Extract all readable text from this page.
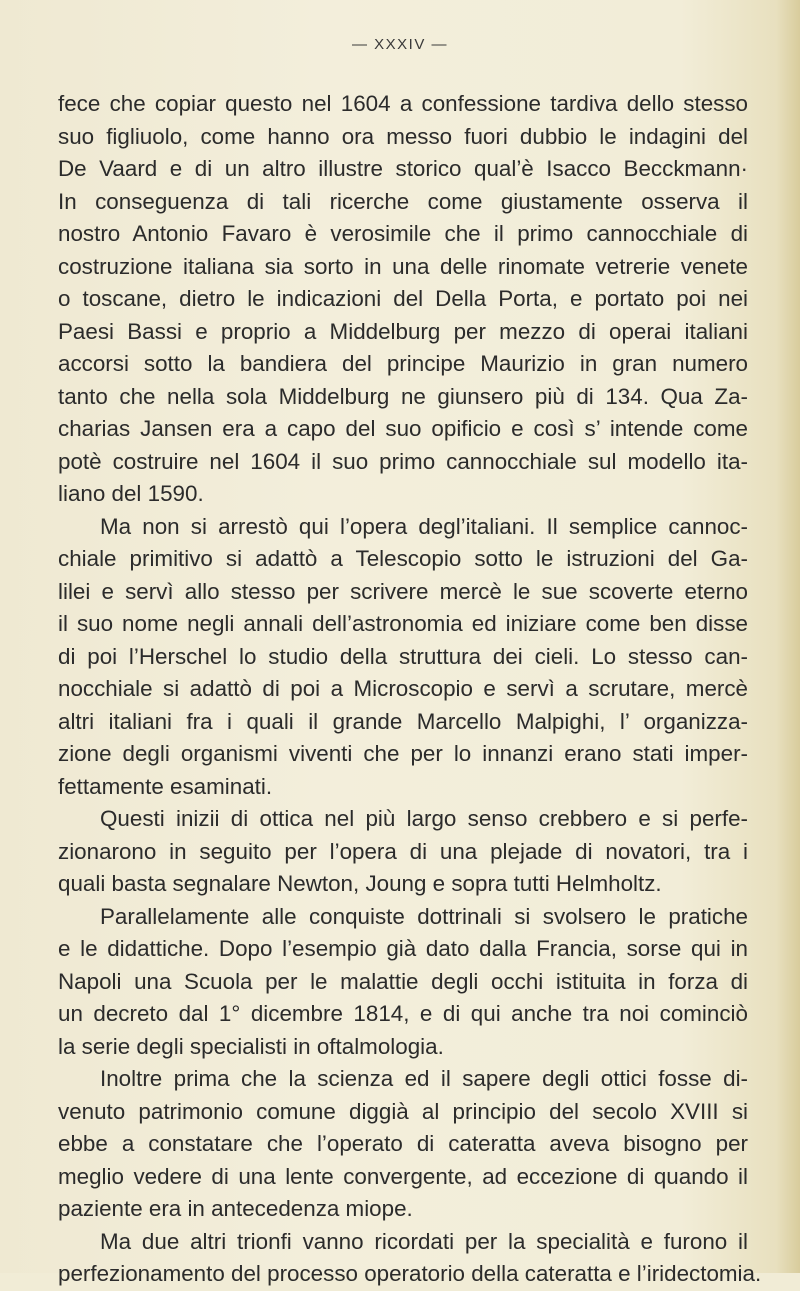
— XXXIV —
fece che copiar questo nel 1604 a confessione tardiva dello stesso
suo figliuolo, come hanno ora messo fuori dubbio le indagini del
De Vaard e di un altro illustre storico qual’è Isacco Becckmann·
In conseguenza di tali ricerche come giustamente osserva il
nostro Antonio Favaro è verosimile che il primo cannocchiale di
costruzione italiana sia sorto in una delle rinomate vetrerie venete
o toscane, dietro le indicazioni del Della Porta, e portato poi nei
Paesi Bassi e proprio a Middelburg per mezzo di operai italiani
accorsi sotto la bandiera del principe Maurizio in gran numero
tanto che nella sola Middelburg ne giunsero più di 134. Qua Za-
charias Jansen era a capo del suo opificio e così s’ intende come
potè costruire nel 1604 il suo primo cannocchiale sul modello ita-
liano del 1590.
Ma non si arrestò qui l’opera degl’italiani. Il semplice cannoc-
chiale primitivo si adattò a Telescopio sotto le istruzioni del Ga-
lilei e servì allo stesso per scrivere mercè le sue scoverte eterno
il suo nome negli annali dell’astronomia ed iniziare come ben disse
di poi l’Herschel lo studio della struttura dei cieli. Lo stesso can-
nocchiale si adattò di poi a Microscopio e servì a scrutare, mercè
altri italiani fra i quali il grande Marcello Malpighi, l’ organizza-
zione degli organismi viventi che per lo innanzi erano stati imper-
fettamente esaminati.
Questi inizii di ottica nel più largo senso crebbero e si perfe-
zionarono in seguito per l’opera di una plejade di novatori, tra i
quali basta segnalare Newton, Joung e sopra tutti Helmholtz.
Parallelamente alle conquiste dottrinali si svolsero le pratiche
e le didattiche. Dopo l’esempio già dato dalla Francia, sorse qui in
Napoli una Scuola per le malattie degli occhi istituita in forza di
un decreto dal 1° dicembre 1814, e di qui anche tra noi cominciò
la serie degli specialisti in oftalmologia.
Inoltre prima che la scienza ed il sapere degli ottici fosse di-
venuto patrimonio comune diggià al principio del secolo XVIII si
ebbe a constatare che l’operato di cateratta aveva bisogno per
meglio vedere di una lente convergente, ad eccezione di quando il
paziente era in antecedenza miope.
Ma due altri trionfi vanno ricordati per la specialità e furono il
perfezionamento del processo operatorio della cateratta e l’iridectomia.
